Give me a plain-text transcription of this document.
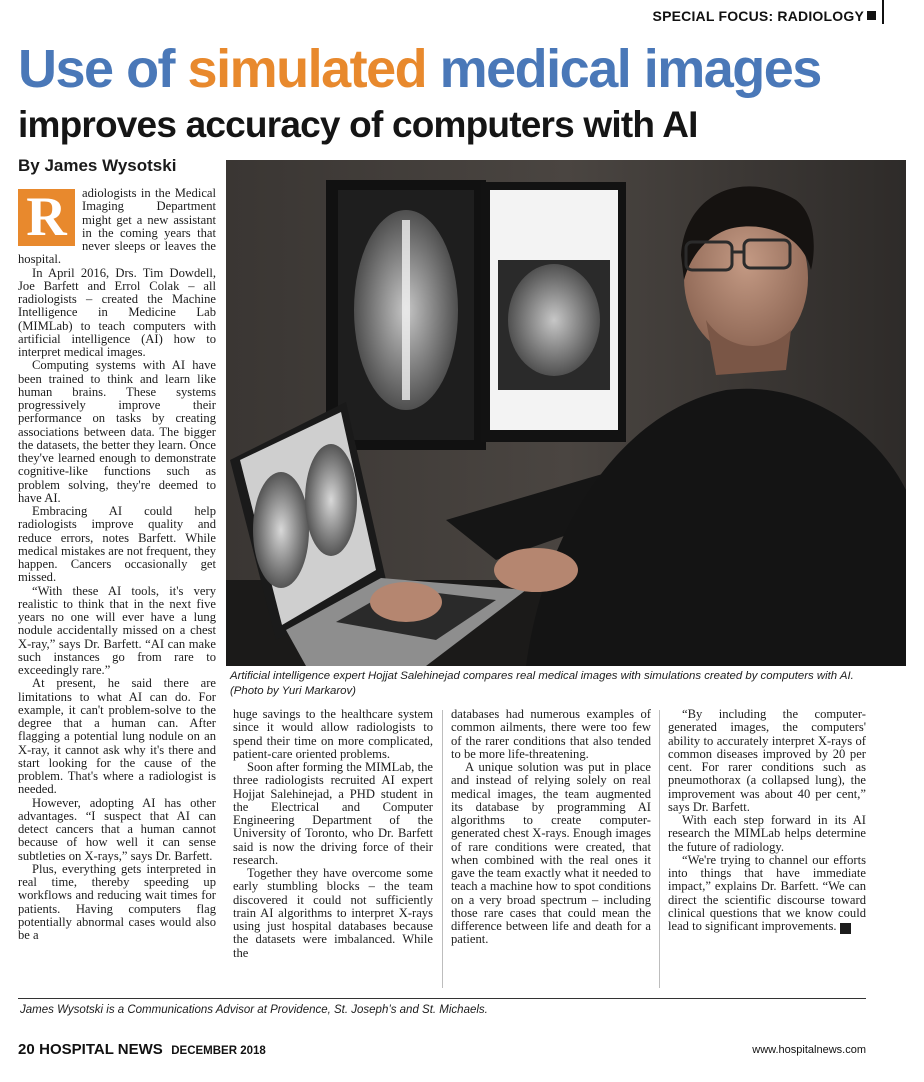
SPECIAL FOCUS: RADIOLOGY
Use of simulated medical images
improves accuracy of computers with AI
By James Wysotski
R	adiologists in the Medical Imaging Department might get a new assistant in the coming years that never sleeps or leaves the hospital.

In April 2016, Drs. Tim Dowdell, Joe Barfett and Errol Colak – all radiologists – created the Machine Intelligence in Medicine Lab (MIMLab) to teach computers with artificial intelligence (AI) how to interpret medical images.

Computing systems with AI have been trained to think and learn like human brains. These systems progressively improve their performance on tasks by creating associations between data. The bigger the datasets, the better they learn. Once they've learned enough to demonstrate cognitive-like functions such as problem solving, they're deemed to have AI.

Embracing AI could help radiologists improve quality and reduce errors, notes Barfett. While medical mistakes are not frequent, they happen. Cancers occasionally get missed.

“With these AI tools, it's very realistic to think that in the next five years no one will ever have a lung nodule accidentally missed on a chest X-ray,” says Dr. Barfett. “AI can make such instances go from rare to exceedingly rare.”

At present, he said there are limitations to what AI can do. For example, it can't problem-solve to the degree that a human can. After flagging a potential lung nodule on an X-ray, it cannot ask why it's there and start looking for the cause of the problem. That's where a radiologist is needed.

However, adopting AI has other advantages. “I suspect that AI can detect cancers that a human cannot because of how well it can sense subtleties on X-rays,” says Dr. Barfett.

Plus, everything gets interpreted in real time, thereby speeding up workflows and reducing wait times for patients. Having computers flag potentially abnormal cases would also be a

Artificial intelligence expert Hojjat Salehinejad compares real medical images with simulations created by computers with AI. (Photo by Yuri Markarov)

huge savings to the healthcare system since it would allow radiologists to spend their time on more complicated, patient-care oriented problems.

Soon after forming the MIMLab, the three radiologists recruited AI expert Hojjat Salehinejad, a PHD student in the Electrical and Computer Engineering Department of the University of Toronto, who Dr. Barfett said is now the driving force of their research.

Together they have overcome some early stumbling blocks – the team discovered it could not sufficiently train AI algorithms to interpret X-rays using just hospital databases because the datasets were imbalanced. While the

databases had numerous examples of common ailments, there were too few of the rarer conditions that also tended to be more life-threatening.

A unique solution was put in place and instead of relying solely on real medical images, the team augmented its database by programming AI algorithms to create computer-generated chest X-rays. Enough images of rare conditions were created, that when combined with the real ones it gave the team exactly what it needed to teach a machine how to spot conditions on a very broad spectrum – including those rare cases that could mean the difference between life and death for a patient.

“By including the computer-generated images, the computers' ability to accurately interpret X-rays of common diseases improved by 20 per cent. For rarer conditions such as pneumothorax (a collapsed lung), the improvement was about 40 per cent,” says Dr. Barfett.

With each step forward in its AI research the MIMLab helps determine the future of radiology.

“We're trying to channel our efforts into things that have immediate impact,” explains Dr. Barfett. “We can direct the scientific discourse toward clinical questions that we know could lead to significant improvements. H

James Wysotski is a Communications Advisor at Providence, St. Joseph’s and St. Michaels.
20 HOSPITAL NEWS DECEMBER 2018	www.hospitalnews.com
